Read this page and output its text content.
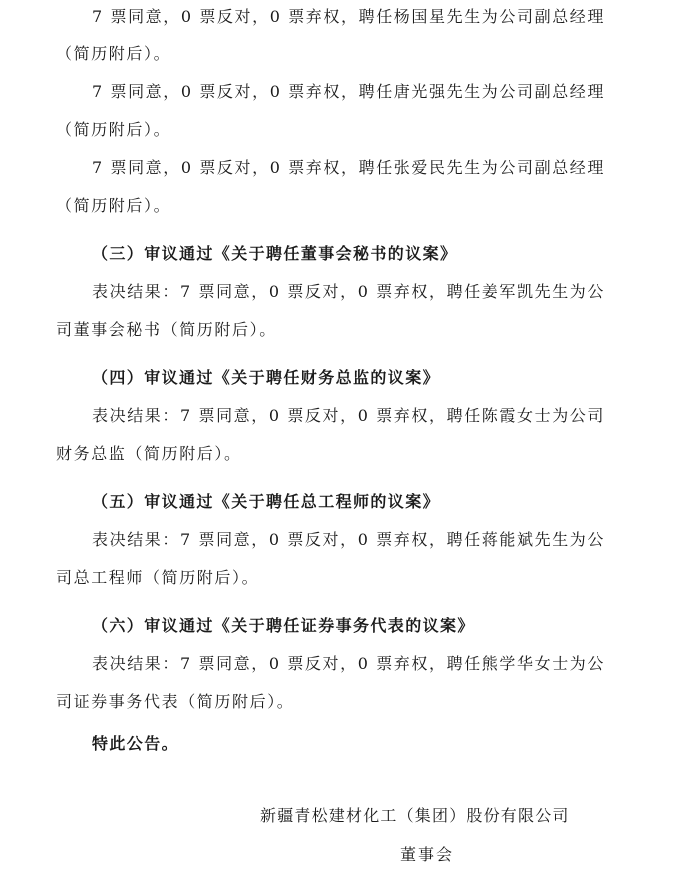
7 票同意，0 票反对，0 票弃权，聘任杨国星先生为公司副总经理
（简历附后）。
7 票同意，0 票反对，0 票弃权，聘任唐光强先生为公司副总经理
（简历附后）。
7 票同意，0 票反对，0 票弃权，聘任张爱民先生为公司副总经理
（简历附后）。
（三）审议通过《关于聘任董事会秘书的议案》
表决结果：7 票同意，0 票反对，0 票弃权，聘任姜军凯先生为公
司董事会秘书（简历附后）。
（四）审议通过《关于聘任财务总监的议案》
表决结果：7 票同意，0 票反对，0 票弃权，聘任陈霞女士为公司
财务总监（简历附后）。
（五）审议通过《关于聘任总工程师的议案》
表决结果：7 票同意，0 票反对，0 票弃权，聘任蒋能斌先生为公
司总工程师（简历附后）。
（六）审议通过《关于聘任证券事务代表的议案》
表决结果：7 票同意，0 票反对，0 票弃权，聘任熊学华女士为公
司证券事务代表（简历附后）。
特此公告。
新疆青松建材化工（集团）股份有限公司
董事会
